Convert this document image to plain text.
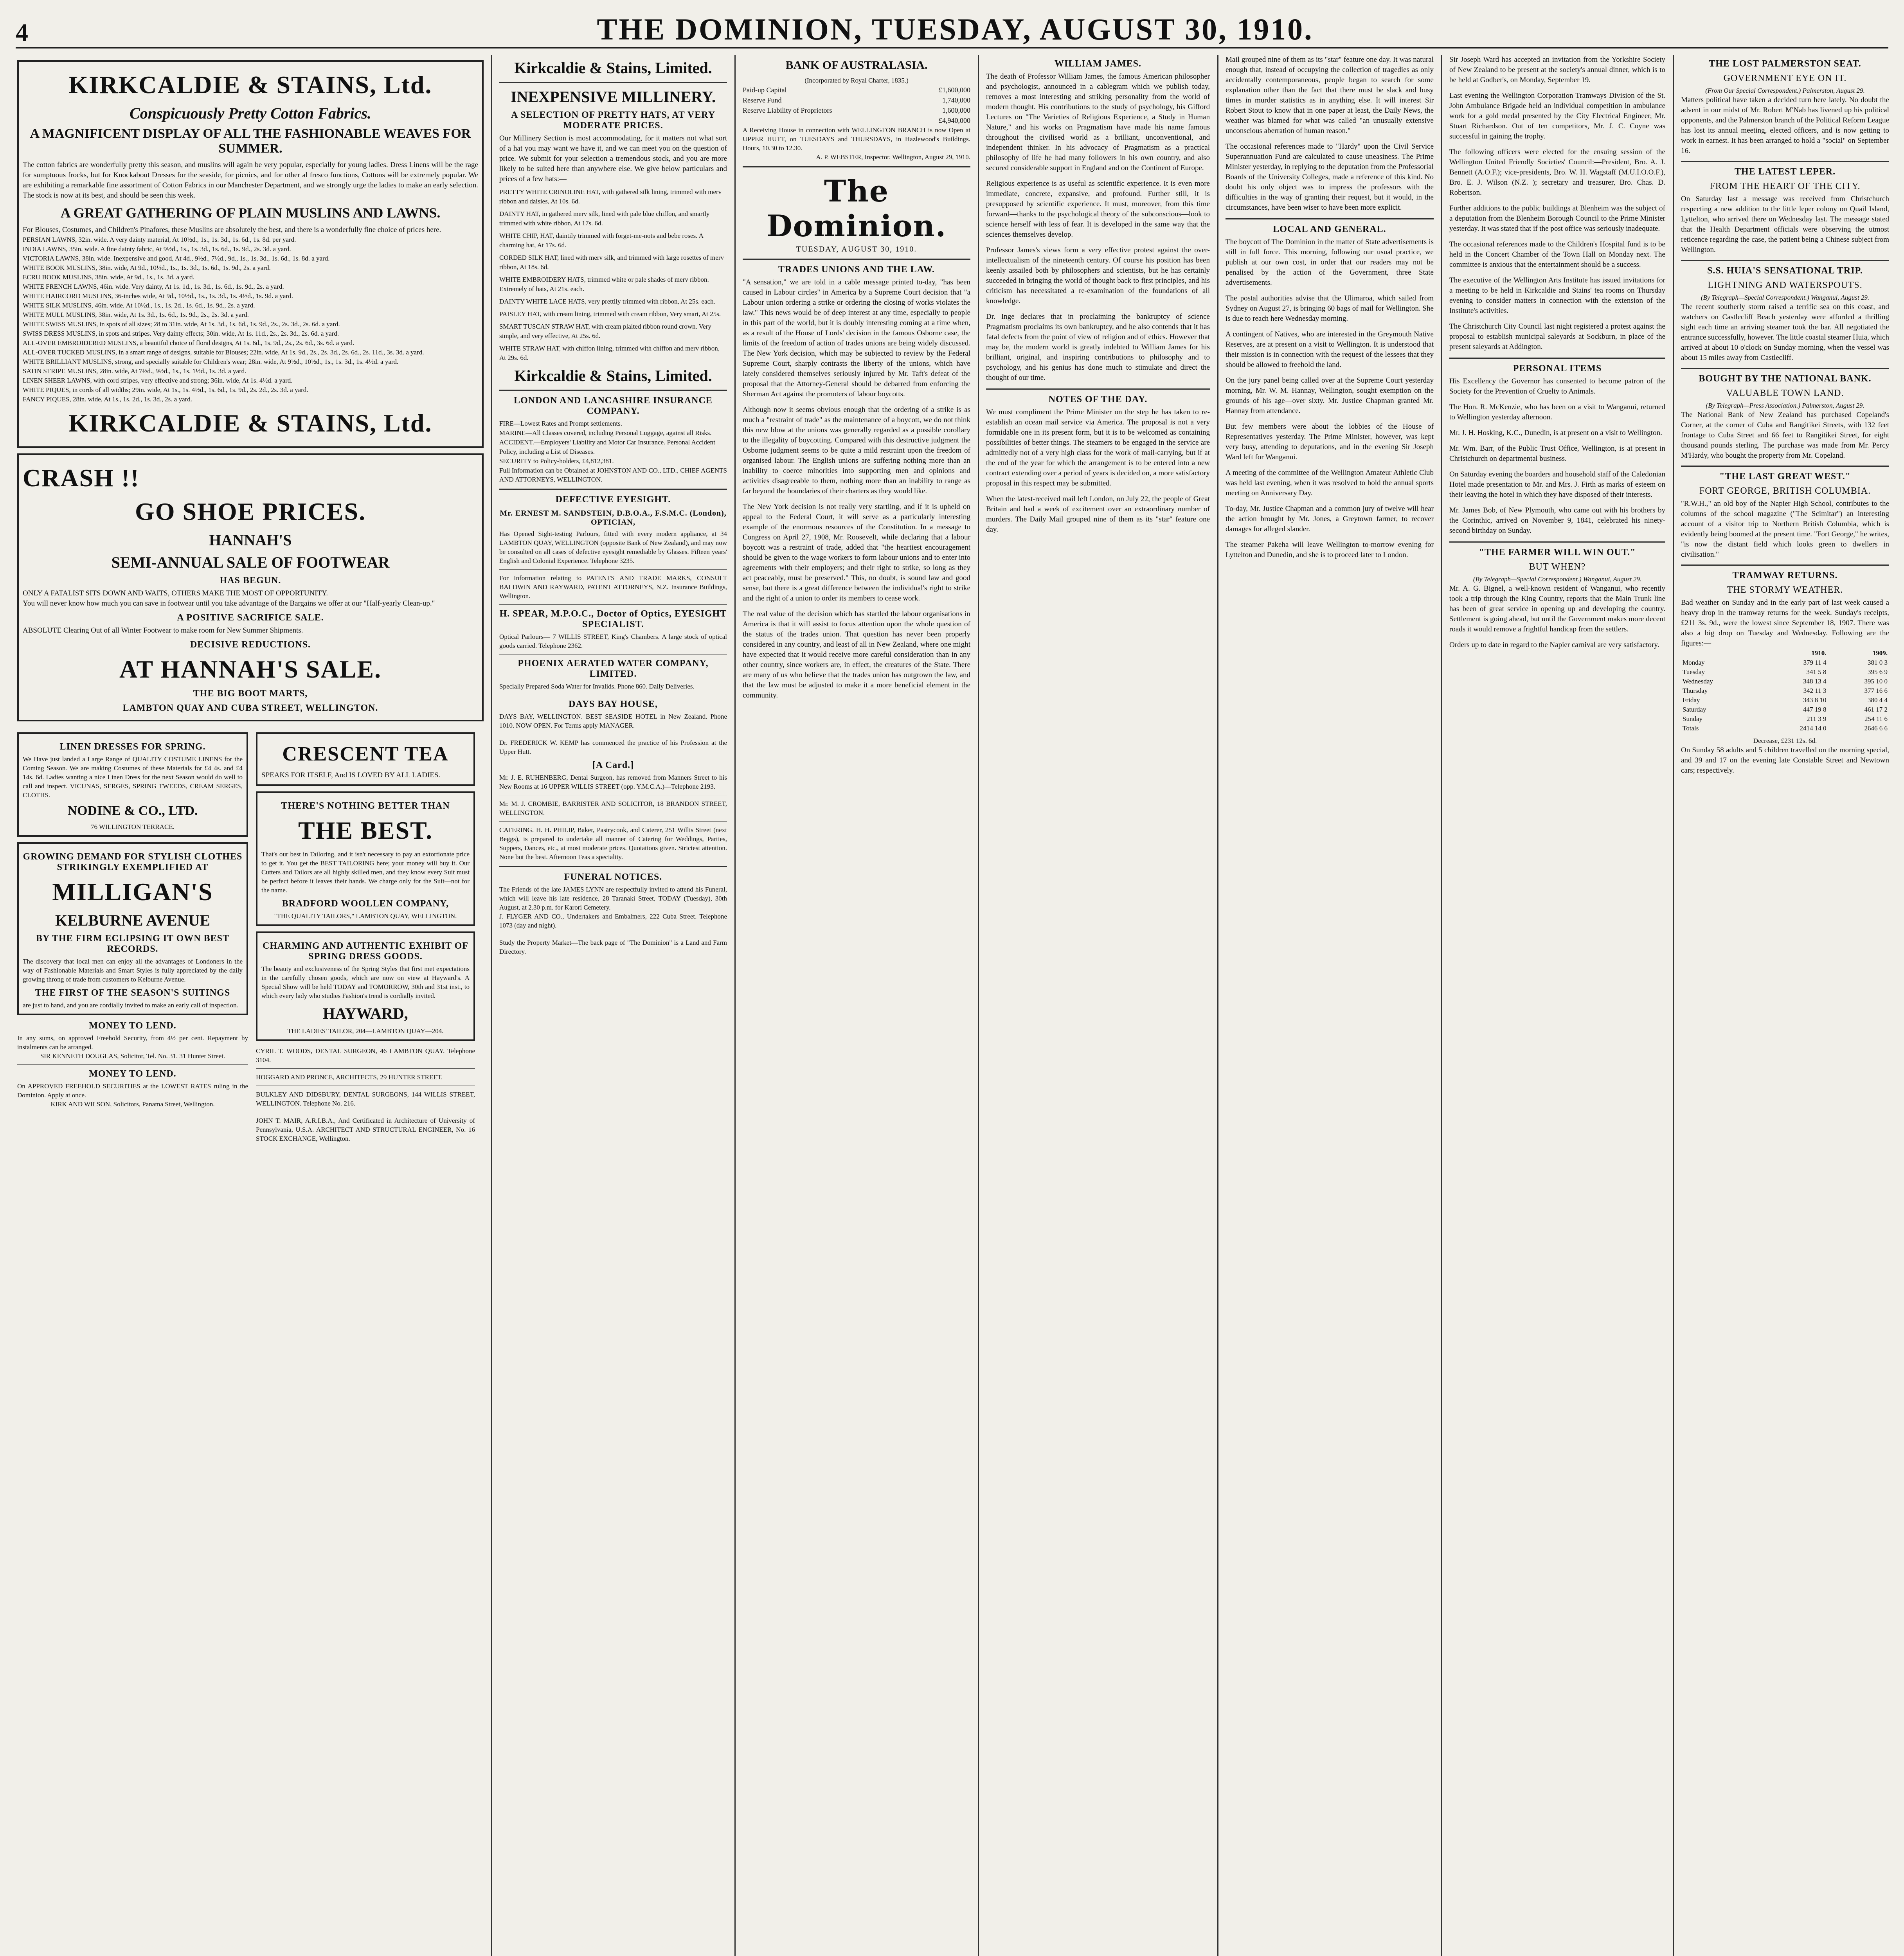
4	THE DOMINION, TUESDAY, AUGUST 30, 1910.

KIRKCALDIE & STAINS, Ltd.
Conspicuously Pretty Cotton Fabrics.
A MAGNIFICENT DISPLAY OF ALL THE FASHIONABLE WEAVES FOR SUMMER.
The cotton fabrics are wonderfully pretty this season, and muslins will again be very popular, especially for young ladies. Dress Linens will be the rage for sumptuous frocks, but for Knockabout Dresses for the seaside, for picnics, and for other al fresco functions, Cottons will be extremely popular. We are exhibiting a remarkable fine assortment of Cotton Fabrics in our Manchester Department, and we strongly urge the ladies to make an early selection. The stock is now at its best, and should be seen this week.
A GREAT GATHERING OF PLAIN MUSLINS AND LAWNS.
For Blouses, Costumes, and Children's Pinafores, these Muslins are absolutely the best, and there is a wonderfully fine choice of prices here.
PERSIAN LAWNS, 32in. wide. A very dainty material, At 10½d., 1s., 1s. 3d., 1s. 6d., 1s. 8d. per yard.
INDIA LAWNS, 35in. wide. A fine dainty fabric, At 9½d., 1s., 1s. 3d., 1s. 6d., 1s. 9d., 2s. 3d. a yard.
VICTORIA LAWNS, 38in. wide. Inexpensive and good, At 4d., 9½d., 7½d., 9d., 1s., 1s. 3d., 1s. 6d., 1s. 8d. a yard.
WHITE BOOK MUSLINS, 38in. wide, At 9d., 10½d., 1s., 1s. 3d., 1s. 6d., 1s. 9d., 2s. a yard.
ECRU BOOK MUSLINS, 38in. wide, At 9d., 1s., 1s. 3d. a yard.
WHITE FRENCH LAWNS, 46in. wide. Very dainty, At 1s. 1d., 1s. 3d., 1s. 6d., 1s. 9d., 2s. a yard.
WHITE HAIRCORD MUSLINS, 36-inches wide, At 9d., 10½d., 1s., 1s. 3d., 1s. 4½d., 1s. 9d. a yard.
WHITE SILK MUSLINS, 46in. wide, At 10½d., 1s., 1s. 2d., 1s. 6d., 1s. 9d., 2s. a yard.
WHITE MULL MUSLINS, 38in. wide, At 1s. 3d., 1s. 6d., 1s. 9d., 2s., 2s. 3d. a yard.
WHITE SWISS MUSLINS, in spots of all sizes; 28 to 31in. wide, At 1s. 3d., 1s. 6d., 1s. 9d., 2s., 2s. 3d., 2s. 6d. a yard.
SWISS DRESS MUSLINS, in spots and stripes. Very dainty effects; 30in. wide, At 1s. 11d., 2s., 2s. 3d., 2s. 6d. a yard.
ALL-OVER EMBROIDERED MUSLINS, a beautiful choice of floral designs, At 1s. 6d., 1s. 9d., 2s., 2s. 6d., 3s. 6d. a yard.
ALL-OVER TUCKED MUSLINS, in a smart range of designs, suitable for Blouses; 22in. wide, At 1s. 9d., 2s., 2s. 3d., 2s. 6d., 2s. 11d., 3s. 3d. a yard.
WHITE BRILLIANT MUSLINS, strong, and specially suitable for Children's wear; 28in. wide, At 9½d., 10½d., 1s., 1s. 3d., 1s. 4½d. a yard.
SATIN STRIPE MUSLINS, 28in. wide, At 7½d., 9½d., 1s., 1s. 1½d., 1s. 3d. a yard.
LINEN SHEER LAWNS, with cord stripes, very effective and strong; 36in. wide, At 1s. 4½d. a yard.
WHITE PIQUES, in cords of all widths; 29in. wide, At 1s., 1s. 4½d., 1s. 6d., 1s. 9d., 2s. 2d., 2s. 3d. a yard.
FANCY PIQUES, 28in. wide, At 1s., 1s. 2d., 1s. 3d., 2s. a yard.
KIRKCALDIE & STAINS, Ltd.
CRASH !!
GO SHOE PRICES.
HANNAH'S
SEMI-ANNUAL SALE OF FOOTWEAR
HAS BEGUN.
ONLY A FATALIST SITS DOWN AND WAITS, OTHERS MAKE THE MOST OF OPPORTUNITY.
You will never know how much you can save in footwear until you take advantage of the Bargains we offer at our "Half-yearly Clean-up."
A POSITIVE SACRIFICE SALE.
ABSOLUTE Clearing Out of all Winter Footwear to make room for New Summer Shipments.
DECISIVE REDUCTIONS.
AT HANNAH'S SALE.
THE BIG BOOT MARTS,
LAMBTON QUAY AND CUBA STREET, WELLINGTON.
LINEN DRESSES FOR SPRING.
We Have just landed a Large Range of QUALITY COSTUME LINENS for the Coming Season. We are making Costumes of these Materials for £4 4s. and £4 14s. 6d. Ladies wanting a nice Linen Dress for the next Season would do well to call and inspect. VICUNAS, SERGES, SPRING TWEEDS, CREAM SERGES, CLOTHS.
NODINE & CO., LTD.
76 WILLINGTON TERRACE.
GROWING DEMAND FOR STYLISH CLOTHES STRIKINGLY EXEMPLIFIED AT
MILLIGAN'S
KELBURNE AVENUE
BY THE FIRM ECLIPSING IT OWN BEST RECORDS.
The discovery that local men can enjoy all the advantages of Londoners in the way of Fashionable Materials and Smart Styles is fully appreciated by the daily growing throng of trade from customers to Kelburne Avenue.
THE FIRST OF THE SEASON'S SUITINGS
are just to hand, and you are cordially invited to make an early call of inspection.
MONEY TO LEND.
In any sums, on approved Freehold Security, from 4½ per cent. Repayment by instalments can be arranged.
SIR KENNETH DOUGLAS, Solicitor, Tel. No. 31. 31 Hunter Street.
MONEY TO LEND.
On APPROVED FREEHOLD SECURITIES at the LOWEST RATES ruling in the Dominion. Apply at once.
KIRK AND WILSON, Solicitors, Panama Street, Wellington.
CRESCENT TEA
SPEAKS FOR ITSELF, And IS LOVED BY ALL LADIES.
THERE'S NOTHING BETTER THAN
THE BEST.
That's our best in Tailoring, and it isn't necessary to pay an extortionate price to get it. You get the BEST TAILORING here; your money will buy it. Our Cutters and Tailors are all highly skilled men, and they know every Suit must be perfect before it leaves their hands. We charge only for the Suit—not for the name.
BRADFORD WOOLLEN COMPANY,
"THE QUALITY TAILORS," LAMBTON QUAY, WELLINGTON.
CHARMING AND AUTHENTIC EXHIBIT OF SPRING DRESS GOODS.
The beauty and exclusiveness of the Spring Styles that first met expectations in the carefully chosen goods, which are now on view at Hayward's. A Special Show will be held TODAY and TOMORROW, 30th and 31st inst., to which every lady who studies Fashion's trend is cordially invited.
HAYWARD,
THE LADIES' TAILOR, 204—LAMBTON QUAY—204.
CYRIL T. WOODS, DENTAL SURGEON, 46 LAMBTON QUAY. Telephone 3104.
HOGGARD AND PRONCE, ARCHITECTS, 29 HUNTER STREET.
BULKLEY AND DIDSBURY, DENTAL SURGEONS, 144 WILLIS STREET, WELLINGTON. Telephone No. 216.
JOHN T. MAIR, A.R.I.B.A., And Certificated in Architecture of University of Pennsylvania, U.S.A. ARCHITECT AND STRUCTURAL ENGINEER, No. 16 STOCK EXCHANGE, Wellington.
Kirkcaldie & Stains, Limited.
INEXPENSIVE MILLINERY.
A SELECTION OF PRETTY HATS, AT VERY MODERATE PRICES.
Our Millinery Section is most accommodating, for it matters not what sort of a hat you may want we have it, and we can meet you on the question of price. We submit for your selection a tremendous stock, and you are more likely to be suited here than anywhere else. We give below particulars and prices of a few hats:—
PRETTY WHITE CRINOLINE HAT, with gathered silk lining, trimmed with merv ribbon and daisies, At 10s. 6d.
DAINTY HAT, in gathered merv silk, lined with pale blue chiffon, and smartly trimmed with white ribbon, At 17s. 6d.
WHITE CHIP, HAT, daintily trimmed with forget-me-nots and bebe roses. A charming hat, At 17s. 6d.
CORDED SILK HAT, lined with merv silk, and trimmed with large rosettes of merv ribbon, At 18s. 6d.
WHITE EMBROIDERY HATS, trimmed white or pale shades of merv ribbon. Extremely of hats, At 21s. each.
DAINTY WHITE LACE HATS, very prettily trimmed with ribbon, At 25s. each.
PAISLEY HAT, with cream lining, trimmed with cream ribbon, Very smart, At 25s.
SMART TUSCAN STRAW HAT, with cream plaited ribbon round crown. Very simple, and very effective, At 25s. 6d.
WHITE STRAW HAT, with chiffon lining, trimmed with chiffon and merv ribbon, At 29s. 6d.
Kirkcaldie & Stains, Limited.
LONDON AND LANCASHIRE INSURANCE COMPANY.
FIRE—Lowest Rates and Prompt settlements.
MARINE—All Classes covered, including Personal Luggage, against all Risks.
ACCIDENT.—Employers' Liability and Motor Car Insurance. Personal Accident Policy, including a List of Diseases.
SECURITY to Policy-holders, £4,812,381.
Full Information can be Obtained at JOHNSTON AND CO., LTD., CHIEF AGENTS AND ATTORNEYS, WELLINGTON.
DEFECTIVE EYESIGHT.
Mr. ERNEST M. SANDSTEIN, D.B.O.A., F.S.M.C. (London), OPTICIAN,
Has Opened Sight-testing Parlours, fitted with every modern appliance, at 34 LAMBTON QUAY, WELLINGTON (opposite Bank of New Zealand), and may now be consulted on all cases of defective eyesight remediable by Glasses. Fifteen years' English and Colonial Experience. Telephone 3235.
For Information relating to PATENTS AND TRADE MARKS, CONSULT BALDWIN AND RAYWARD, PATENT ATTORNEYS, N.Z. Insurance Buildings, Wellington.
H. SPEAR, M.P.O.C., Doctor of Optics, EYESIGHT SPECIALIST.
Optical Parlours— 7 WILLIS STREET, King's Chambers. A large stock of optical goods carried. Telephone 2362.
PHOENIX AERATED WATER COMPANY, LIMITED.
Specially Prepared Soda Water for Invalids. Phone 860. Daily Deliveries.
DAYS BAY HOUSE,
DAYS BAY, WELLINGTON. BEST SEASIDE HOTEL in New Zealand. Phone 1010. NOW OPEN. For Terms apply MANAGER.
Dr. FREDERICK W. KEMP has commenced the practice of his Profession at the Upper Hutt.
[A Card.]
Mr. J. E. RUHENBERG, Dental Surgeon, has removed from Manners Street to his New Rooms at 16 UPPER WILLIS STREET (opp. Y.M.C.A.)—Telephone 2193.
Mr. M. J. CROMBIE, BARRISTER AND SOLICITOR, 18 BRANDON STREET, WELLINGTON.
CATERING. H. H. PHILIP, Baker, Pastrycook, and Caterer, 251 Willis Street (next Beggs), is prepared to undertake all manner of Catering for Weddings, Parties, Suppers, Dances, etc., at most moderate prices. Quotations given. Strictest attention. None but the best. Afternoon Teas a speciality.
FUNERAL NOTICES.
The Friends of the late JAMES LYNN are respectfully invited to attend his Funeral, which will leave his late residence, 28 Taranaki Street, TODAY (Tuesday), 30th August, at 2.30 p.m. for Karori Cemetery.
J. FLYGER AND CO., Undertakers and Embalmers, 222 Cuba Street. Telephone 1073 (day and night).
Study the Property Market—The back page of "The Dominion" is a Land and Farm Directory.
BANK OF AUSTRALASIA.
(Incorporated by Royal Charter, 1835.)
Paid-up Capital	£1,600,000
Reserve Fund	1,740,000
Reserve Liability of Proprietors	1,600,000
£4,940,000
A Receiving House in connection with WELLINGTON BRANCH is now Open at UPPER HUTT, on TUESDAYS and THURSDAYS, in Hazlewood's Buildings. Hours, 10.30 to 12.30.
A. P. WEBSTER, Inspector. Wellington, August 29, 1910.
The Dominion.
TUESDAY, AUGUST 30, 1910.
TRADES UNIONS AND THE LAW.

"A sensation," we are told in a cable message printed to-day, "has been caused in Labour circles" in America by a Supreme Court decision that "a Labour union ordering a strike or ordering the closing of works violates the law." This news would be of deep interest at any time, especially to people in this part of the world, but it is doubly interesting coming at a time when, as a result of the House of Lords' decision in the famous Osborne case, the limits of the freedom of action of trades unions are being widely discussed. The New York decision, which may be subjected to review by the Federal Supreme Court, sharply contrasts the liberty of the unions, which have lately considered themselves seriously injured by Mr. Taft's defeat of the proposal that the Attorney-General should be debarred from enforcing the Sherman Act against the promoters of labour boycotts.

Although now it seems obvious enough that the ordering of a strike is as much a "restraint of trade" as the maintenance of a boycott, we do not think this new blow at the unions was generally regarded as a possible corollary to the illegality of boycotting. Compared with this destructive judgment the Osborne judgment seems to be quite a mild restraint upon the freedom of organised labour. The English unions are suffering nothing more than an inability to coerce minorities into supporting men and opinions and activities disagreeable to them, nothing more than an inability to range as far beyond the boundaries of their charters as they would like.

The New York decision is not really very startling, and if it is upheld on appeal to the Federal Court, it will serve as a particularly interesting example of the enormous resources of the Constitution. In a message to Congress on April 27, 1908, Mr. Roosevelt, while declaring that a labour boycott was a restraint of trade, added that "the heartiest encouragement should be given to the wage workers to form labour unions and to enter into agreements with their employers; and their right to strike, so long as they act peaceably, must be preserved." This, no doubt, is sound law and good sense, but there is a great difference between the individual's right to strike and the right of a union to order its members to cease work.

The real value of the decision which has startled the labour organisations in America is that it will assist to focus attention upon the whole question of the status of the trades union. That question has never been properly considered in any country, and least of all in New Zealand, where one might have expected that it would receive more careful consideration than in any other country, since workers are, in effect, the creatures of the State. There are many of us who believe that the trades union has outgrown the law, and that the law must be adjusted to make it a more beneficial element in the community.

WILLIAM JAMES.

The death of Professor William James, the famous American philosopher and psychologist, announced in a cablegram which we publish today, removes a most interesting and striking personality from the world of modern thought. His contributions to the study of psychology, his Gifford Lectures on "The Varieties of Religious Experience, a Study in Human Nature," and his works on Pragmatism have made his name famous throughout the civilised world as a brilliant, unconventional, and independent thinker. In his advocacy of Pragmatism as a practical philosophy of life he had many followers in his own country, and also secured considerable support in England and on the Continent of Europe.

Religious experience is as useful as scientific experience. It is even more immediate, concrete, expansive, and profound. Further still, it is presupposed by scientific experience. It must, moreover, from this time forward—thanks to the psychological theory of the subconscious—look to science herself with less of fear. It is developed in the same way that the sciences themselves develop.

Professor James's views form a very effective protest against the over-intellectualism of the nineteenth century. Of course his position has been keenly assailed both by philosophers and scientists, but he has certainly succeeded in bringing the world of thought back to first principles, and his criticism has necessitated a re-examination of the foundations of all knowledge.

Dr. Inge declares that in proclaiming the bankruptcy of science Pragmatism proclaims its own bankruptcy, and he also contends that it has fatal defects from the point of view of religion and of ethics. However that may be, the modern world is greatly indebted to William James for his brilliant, original, and inspiring contributions to philosophy and to psychology, and his genius has done much to stimulate and direct the thought of our time.

NOTES OF THE DAY.

We must compliment the Prime Minister on the step he has taken to re-establish an ocean mail service via America. The proposal is not a very formidable one in its present form, but it is to be welcomed as containing possibilities of better things. The steamers to be engaged in the service are admittedly not of a very high class for the work of mail-carrying, but if at the end of the year for which the arrangement is to be entered into a new contract extending over a period of years is decided on, a more satisfactory proposal in this respect may be submitted.

When the latest-received mail left London, on July 22, the people of Great Britain and had a week of excitement over an extraordinary number of murders. The Daily Mail grouped nine of them as its "star" feature one day.

Mail grouped nine of them as its "star" feature one day. It was natural enough that, instead of occupying the collection of tragedies as only accidentally contemporaneous, people began to search for some explanation other than the fact that there must be slack and busy times in murder statistics as in anything else. It will interest Sir Robert Stout to know that in one paper at least, the Daily News, the weather was blamed for what was called "an unusually extensive unconscious aberration of human reason."

The occasional references made to "Hardy" upon the Civil Service Superannuation Fund are calculated to cause uneasiness. The Prime Minister yesterday, in replying to the deputation from the Professorial Boards of the University Colleges, made a reference of this kind. No doubt his only object was to impress the professors with the difficulties in the way of granting their request, but it would, in the circumstances, have been wiser to have been more explicit.

LOCAL AND GENERAL.

The boycott of The Dominion in the matter of State advertisements is still in full force. This morning, following our usual practice, we publish at our own cost, in order that our readers may not be penalised by the action of the Government, three State advertisements.

The postal authorities advise that the Ulimaroa, which sailed from Sydney on August 27, is bringing 60 bags of mail for Wellington. She is due to reach here Wednesday morning.

A contingent of Natives, who are interested in the Greymouth Native Reserves, are at present on a visit to Wellington. It is understood that their mission is in connection with the request of the lessees that they should be allowed to freehold the land.

On the jury panel being called over at the Supreme Court yesterday morning, Mr. W. M. Hannay, Wellington, sought exemption on the grounds of his age—over sixty. Mr. Justice Chapman granted Mr. Hannay from attendance.

But few members were about the lobbies of the House of Representatives yesterday. The Prime Minister, however, was kept very busy, attending to deputations, and in the evening Sir Joseph Ward left for Wanganui.

A meeting of the committee of the Wellington Amateur Athletic Club was held last evening, when it was resolved to hold the annual sports meeting on Anniversary Day.

To-day, Mr. Justice Chapman and a common jury of twelve will hear the action brought by Mr. Jones, a Greytown farmer, to recover damages for alleged slander.

The steamer Pakeha will leave Wellington to-morrow evening for Lyttelton and Dunedin, and she is to proceed later to London.

Sir Joseph Ward has accepted an invitation from the Yorkshire Society of New Zealand to be present at the society's annual dinner, which is to be held at Godber's, on Monday, September 19.

Last evening the Wellington Corporation Tramways Division of the St. John Ambulance Brigade held an individual competition in ambulance work for a gold medal presented by the City Electrical Engineer, Mr. Stuart Richardson. Out of ten competitors, Mr. J. C. Coyne was successful in gaining the trophy.

The following officers were elected for the ensuing session of the Wellington United Friendly Societies' Council:—President, Bro. A. J. Bennett (A.O.F.); vice-presidents, Bro. W. H. Wagstaff (M.U.I.O.O.F.), Bro. E. J. Wilson (N.Z. ); secretary and treasurer, Bro. Chas. D. Robertson.

Further additions to the public buildings at Blenheim was the subject of a deputation from the Blenheim Borough Council to the Prime Minister yesterday. It was stated that if the post office was seriously inadequate.

The occasional references made to the Children's Hospital fund is to be held in the Concert Chamber of the Town Hall on Monday next. The committee is anxious that the entertainment should be a success.

The executive of the Wellington Arts Institute has issued invitations for a meeting to be held in Kirkcaldie and Stains' tea rooms on Thursday evening to consider matters in connection with the extension of the Institute's activities.

The Christchurch City Council last night registered a protest against the proposal to establish municipal saleyards at Sockburn, in place of the present saleyards at Addington.

PERSONAL ITEMS

His Excellency the Governor has consented to become patron of the Society for the Prevention of Cruelty to Animals.

The Hon. R. McKenzie, who has been on a visit to Wanganui, returned to Wellington yesterday afternoon.

Mr. J. H. Hosking, K.C., Dunedin, is at present on a visit to Wellington.

Mr. Wm. Barr, of the Public Trust Office, Wellington, is at present in Christchurch on departmental business.

On Saturday evening the boarders and household staff of the Caledonian Hotel made presentation to Mr. and Mrs. J. Firth as marks of esteem on their leaving the hotel in which they have disposed of their interests.

Mr. James Bob, of New Plymouth, who came out with his brothers by the Corinthic, arrived on November 9, 1841, celebrated his ninety-second birthday on Sunday.

"THE FARMER WILL WIN OUT."
BUT WHEN?
(By Telegraph—Special Correspondent.) Wanganui, August 29.

Mr. A. G. Bignel, a well-known resident of Wanganui, who recently took a trip through the King Country, reports that the Main Trunk line has been of great service in opening up and developing the country. Settlement is going ahead, but until the Government makes more decent roads it would remove a frightful handicap from the settlers.

Orders up to date in regard to the Napier carnival are very satisfactory.

THE LOST PALMERSTON SEAT.
GOVERNMENT EYE ON IT.
(From Our Special Correspondent.) Palmerston, August 29.
Matters political have taken a decided turn here lately. No doubt the advent in our midst of Mr. Robert M'Nab has livened up his political opponents, and the Palmerston branch of the Political Reform League has lost its annual meeting, elected officers, and is now getting to work in earnest. It has been arranged to hold a "social" on September 16.
THE LATEST LEPER.
FROM THE HEART OF THE CITY.
On Saturday last a message was received from Christchurch respecting a new addition to the little leper colony on Quail Island, Lyttelton, who arrived there on Wednesday last. The message stated that the Health Department officials were observing the utmost reticence regarding the case, the patient being a Chinese subject from Wellington.
S.S. HUIA'S SENSATIONAL TRIP.
LIGHTNING AND WATERSPOUTS.
(By Telegraph—Special Correspondent.) Wanganui, August 29.
The recent southerly storm raised a terrific sea on this coast, and watchers on Castlecliff Beach yesterday were afforded a thrilling sight each time an arriving steamer took the bar. All negotiated the entrance successfully, however. The little coastal steamer Huia, which arrived at about 10 o'clock on Sunday morning, when the vessel was about 15 miles away from Castlecliff.
BOUGHT BY THE NATIONAL BANK.
VALUABLE TOWN LAND.
(By Telegraph—Press Association.) Palmerston, August 29.
The National Bank of New Zealand has purchased Copeland's Corner, at the corner of Cuba and Rangitikei Streets, with 132 feet frontage to Cuba Street and 66 feet to Rangitikei Street, for eight thousand pounds sterling. The purchase was made from Mr. Percy M'Hardy, who bought the property from Mr. Copeland.
"THE LAST GREAT WEST."
FORT GEORGE, BRITISH COLUMBIA.
"R.W.H.," an old boy of the Napier High School, contributes to the columns of the school magazine ("The Scimitar") an interesting account of a visitor trip to Northern British Columbia, which is evidently being boomed at the present time. "Fort George," he writes, "is now the distant field which looks green to dwellers in civilisation."
TRAMWAY RETURNS.
THE STORMY WEATHER.
Bad weather on Sunday and in the early part of last week caused a heavy drop in the tramway returns for the week. Sunday's receipts, £211 3s. 9d., were the lowest since September 18, 1907. There was also a big drop on Tuesday and Wednesday. Following are the figures:—
	1910.	1909.
Monday	379 11 4	381 0 3
Tuesday	341 5 8	395 6 9
Wednesday	348 13 4	395 10 0
Thursday	342 11 3	377 16 6
Friday	343 8 10	380 4 4
Saturday	447 19 8	461 17 2
Sunday	211 3 9	254 11 6
Totals	2414 14 0	2646 6 6
Decrease, £231 12s. 6d.
On Sunday 58 adults and 5 children travelled on the morning special, and 39 and 17 on the evening late Constable Street and Newtown cars; respectively.
